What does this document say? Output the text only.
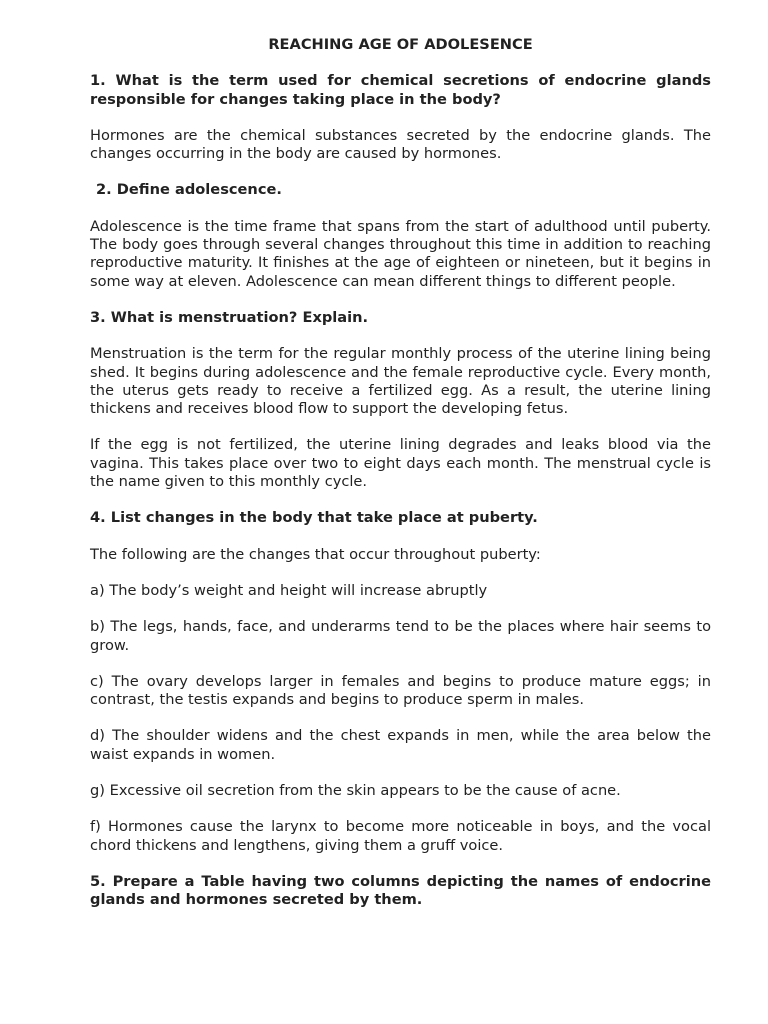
REACHING AGE OF ADOLESENCE
1. What is the term used for chemical secretions of endocrine glands responsible for changes taking place in the body?
Hormones are the chemical substances secreted by the endocrine glands. The changes occurring in the body are caused by hormones.
2. Define adolescence.
Adolescence is the time frame that spans from the start of adulthood until puberty. The body goes through several changes throughout this time in addition to reaching reproductive maturity. It finishes at the age of eighteen or nineteen, but it begins in some way at eleven. Adolescence can mean different things to different people.
3. What is menstruation? Explain.
Menstruation is the term for the regular monthly process of the uterine lining being shed. It begins during adolescence and the female reproductive cycle. Every month, the uterus gets ready to receive a fertilized egg. As a result, the uterine lining thickens and receives blood flow to support the developing fetus.
If the egg is not fertilized, the uterine lining degrades and leaks blood via the vagina. This takes place over two to eight days each month. The menstrual cycle is the name given to this monthly cycle.
4. List changes in the body that take place at puberty.
The following are the changes that occur throughout puberty:
a) The body’s weight and height will increase abruptly
b) The legs, hands, face, and underarms tend to be the places where hair seems to grow.
c) The ovary develops larger in females and begins to produce mature eggs; in contrast, the testis expands and begins to produce sperm in males.
d) The shoulder widens and the chest expands in men, while the area below the waist expands in women.
g) Excessive oil secretion from the skin appears to be the cause of acne.
f) Hormones cause the larynx to become more noticeable in boys, and the vocal chord thickens and lengthens, giving them a gruff voice.
5. Prepare a Table having two columns depicting the names of endocrine glands and hormones secreted by them.
